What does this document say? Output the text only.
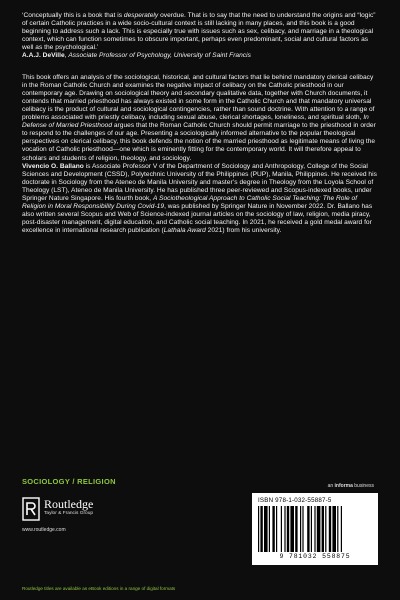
‘Conceptually this is a book that is desperately overdue. That is to say that the need to understand the origins and “logic” of certain Catholic practices in a wide socio-cultural context is still lacking in many places, and this book is a good beginning to address such a lack. This is especially true with issues such as sex, celibacy, and marriage in a theological context, which can function sometimes to obscure important, perhaps even predominant, social and cultural factors as well as the psychological.’

A.A.J. DeVille, Associate Professor of Psychology, University of Saint Francis

This book offers an analysis of the sociological, historical, and cultural factors that lie behind mandatory clerical celibacy in the Roman Catholic Church and examines the negative impact of celibacy on the Catholic priesthood in our contemporary age. Drawing on sociological theory and secondary qualitative data, together with Church documents, it contends that married priesthood has always existed in some form in the Catholic Church and that mandatory universal celibacy is the product of cultural and sociological contingencies, rather than sound doctrine. With attention to a range of problems associated with priestly celibacy, including sexual abuse, clerical shortages, loneliness, and spiritual sloth, In Defense of Married Priesthood argues that the Roman Catholic Church should permit marriage to the priesthood in order to respond to the challenges of our age. Presenting a sociologically informed alternative to the popular theological perspectives on clerical celibacy, this book defends the notion of the married priesthood as legitimate means of living the vocation of Catholic priesthood—one which is eminently fitting for the contemporary world. It will therefore appeal to scholars and students of religion, theology, and sociology.

Vivencio O. Ballano is Associate Professor V of the Department of Sociology and Anthropology, College of the Social Sciences and Development (CSSD), Polytechnic University of the Philippines (PUP), Manila, Philippines. He received his doctorate in Sociology from the Ateneo de Manila University and master’s degree in Theology from the Loyola School of Theology (LST), Ateneo de Manila University. He has published three peer-reviewed and Scopus-indexed books, under Springer Nature Singapore. His fourth book, A Sociotheological Approach to Catholic Social Teaching: The Role of Religion in Moral Responsibility During Covid-19, was published by Springer Nature in November 2022. Dr. Ballano has also written several Scopus and Web of Science-indexed journal articles on the sociology of law, religion, media piracy, post-disaster management, digital education, and Catholic social teaching. In 2021, he received a gold medal award for excellence in international research publication (Lathala Award 2021) from his university.

SOCIOLOGY / RELIGION
Routledge
Taylor & Francis Group
www.routledge.com
an informa business
ISBN 978-1-032-55887-5
9 781032 558875
Routledge titles are available as eBook editions in a range of digital formats
